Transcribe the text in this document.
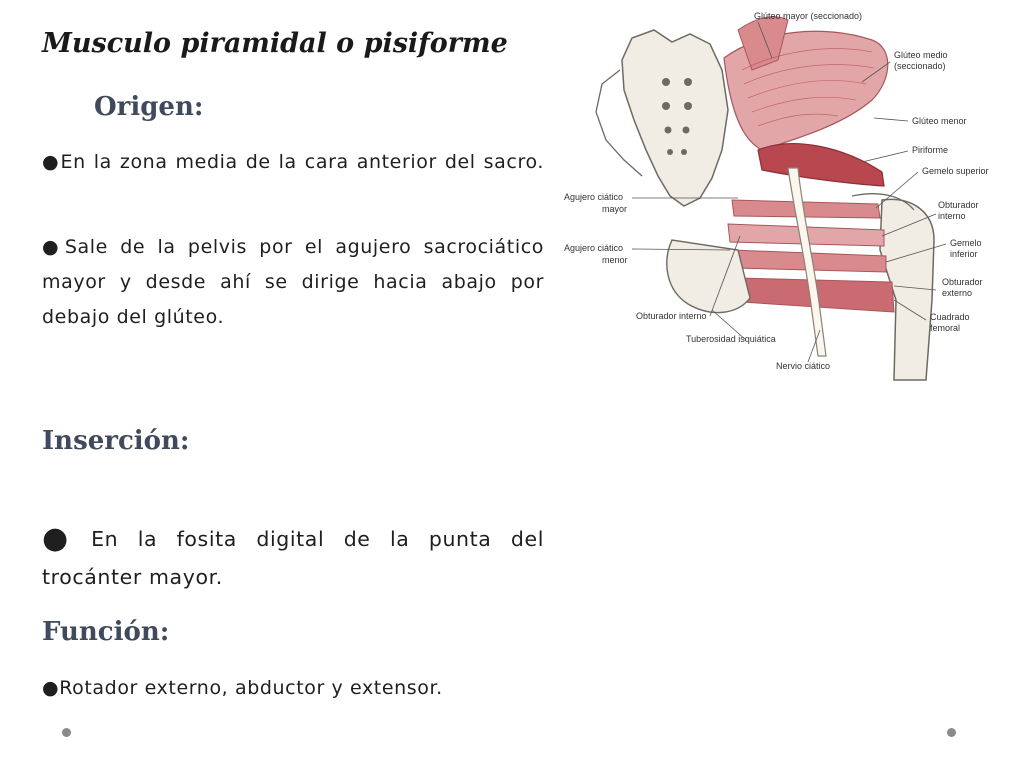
Musculo piramidal o pisiforme
Origen:

●En la zona media de la cara anterior del sacro.

●Sale de la pelvis por el agujero sacrociático mayor y desde ahí se dirige hacia abajo por debajo del glúteo.

Inserción:

● En la fosita digital de la punta del trocánter mayor.

Función:

●Rotador externo, abductor y extensor.

Glúteo mayor (seccionado)
Glúteo medio
(seccionado)
Glúteo menor
Piriforme
Gemelo superior
Obturador
interno
Gemelo
inferior
Obturador
externo
Cuadrado
femoral
Agujero ciático
mayor
Agujero ciático
menor
Obturador interno
Tuberosidad isquiática
Nervio ciático
